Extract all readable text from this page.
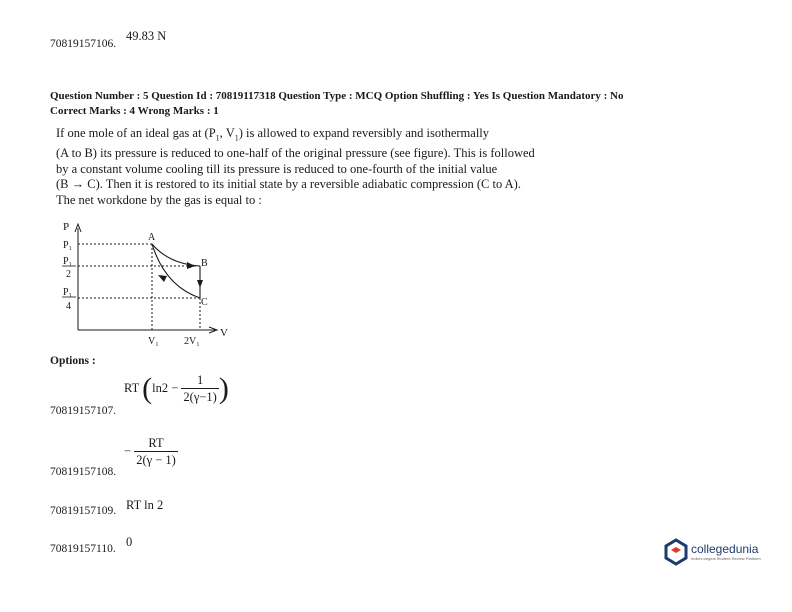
70819157106.
49.83 N
Question Number : 5 Question Id : 70819117318 Question Type : MCQ Option Shuffling : Yes Is Question Mandatory : No
Correct Marks : 4 Wrong Marks : 1
If one mole of an ideal gas at ($P_1$, $V_1$) is allowed to expand reversibly and isothermally
(A to B) its pressure is reduced to one-half of the original pressure (see figure). This is followed
by a constant volume cooling till its pressure is reduced to one-fourth of the initial value
(B → C). Then it is restored to its initial state by a reversible adiabatic compression (C to A).
The net workdone by the gas is equal to :
P
P₁
P₁
2
P₁
4
V₁	2V₁
V
A
B
C
Options :
70819157107.
RT ($\ln 2 - \frac{1}{2(\gamma-1)}$ )
70819157108.
− $\frac{RT}{2(\gamma - 1)}$
70819157109. RT ln 2
70819157110. 0	collegedunia
India's largest Student Review Platform
